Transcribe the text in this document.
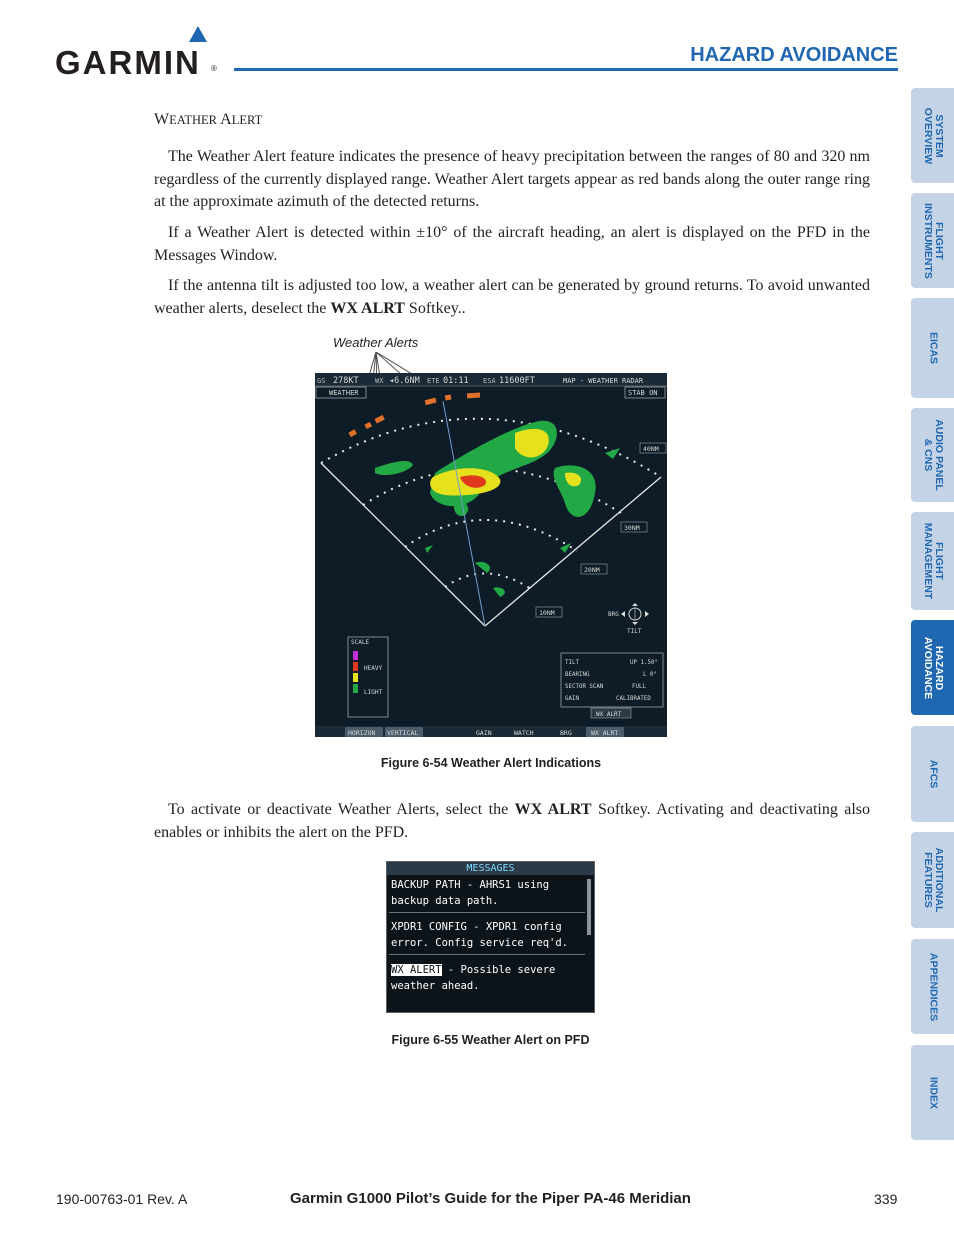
GARMIN ®
HAZARD AVOIDANCE
SYSTEM
OVERVIEW
FLIGHT
INSTRUMENTS
EICAS
AUDIO PANEL
& CNS
FLIGHT
MANAGEMENT
HAZARD
AVOIDANCE
AFCS
ADDITIONAL
FEATURES
APPENDICES
INDEX
WEATHER ALERT

The Weather Alert feature indicates the presence of heavy precipitation between the ranges of 80 and 320 nm regardless of the currently displayed range. Weather Alert targets appear as red bands along the outer range ring at the approximate azimuth of the detected returns.

If a Weather Alert is detected within ±10° of the aircraft heading, an alert is displayed on the PFD in the Messages Window.

If the antenna tilt is adjusted too low, a weather alert can be generated by ground returns. To avoid unwanted weather alerts, deselect the WX ALRT Softkey..

Weather Alerts
GS 278KT WX ◂6.6NM ETE 01:11 ESA 11600FT	MAP - WEATHER RADAR
WEATHER	STAB ON
40NM
30NM
20NM
10NM	BRG
TILT
SCALE
HEAVY
LIGHT
TILT	UP 1.50°
BEARING	L 0°
SECTOR SCAN	FULL
GAIN	CALIBRATED
WX ALRT
HORIZON VERTICAL	GAIN	WATCH	BRG	WX ALRT
Figure 6-54 Weather Alert Indications

To activate or deactivate Weather Alerts, select the WX ALRT Softkey. Activating and deactivating also enables or inhibits the alert on the PFD.

MESSAGES
BACKUP PATH - AHRS1 using
backup data path.
XPDR1 CONFIG - XPDR1 config
error. Config service req'd.
WX ALERT - Possible severe
weather ahead.
Figure 6-55 Weather Alert on PFD
190-00763-01 Rev. A	Garmin G1000 Pilot’s Guide for the Piper PA-46 Meridian	339
